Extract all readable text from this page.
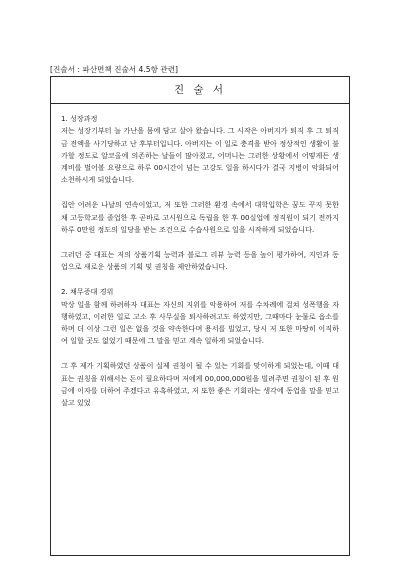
[진술서 : 파산면책 진술서 4.5항 관련]
진 술 서
1. 성장과정
저는 성장기부터 늘 가난을 몸에 담고 살아 왔습니다. 그 시작은 아버지가 퇴직 후 그 퇴직금 전액을 사기당하고 난 후부터입니다. 아버지는 이 일로 충격을 받아 정상적인 생활이 불가할 정도로 알코올에 의존하는 날들이 많아졌고, 어머니는 그러한 상황에서 어떻게든 생계비를 벌어볼 요량으로 하루 00시간이 넘는 고강도 일을 하시다가 결국 지병이 악화되어 소천하시게 되었습니다.
집안 어려운 나날의 연속이었고, 저 또한 그러한 환경 속에서 대학입학은 꿈도 꾸지 못한 채 고등학교를 졸업한 후 곧바로 고시원으로 독립을 한 후 00실업에 정직원이 되기 전까지 하루 0만원 정도의 일당을 받는 조건으로 수습사원으로 일을 시작하게 되었습니다.
그러던 중 대표는 저의 상품기획 능력과 블로그 리뷰 능력 등을 높이 평가하여, 지인과 동업으로 새로운 상품의 기획 및 권칭을 제안하였습니다.
2. 채무증대 경위
막상 일을 함께 하려하자 대표는 자신의 지위를 악용하여 저를 수차례에 걸쳐 성폭행을 자행하였고, 이러한 일로 고소 후 사무실을 퇴사하려고도 하였지만, 그때마다 눈물로 읍소를 하며 더 이상 그런 일은 없을 것을 약속한다며 용서를 빌었고, 당시 저 또한 마땅히 이직하여 일할 곳도 없었기 때문에 그 말을 믿고 계속 일하게 되었습니다.
그 후 제가 기획하였던 상품이 실제 권칭이 될 수 있는 기회를 맞이하게 되었는데, 이때 대표는 권칭을 위해서는 돈이 필요하다며 저에게 00,000,000원을 빌려주면 권칭이 된 후 원금에 이자를 더하여 주겠다고 유혹하였고, 저 또한 좋은 기회라는 생각에 동업을 말을 믿고 살고 있었
